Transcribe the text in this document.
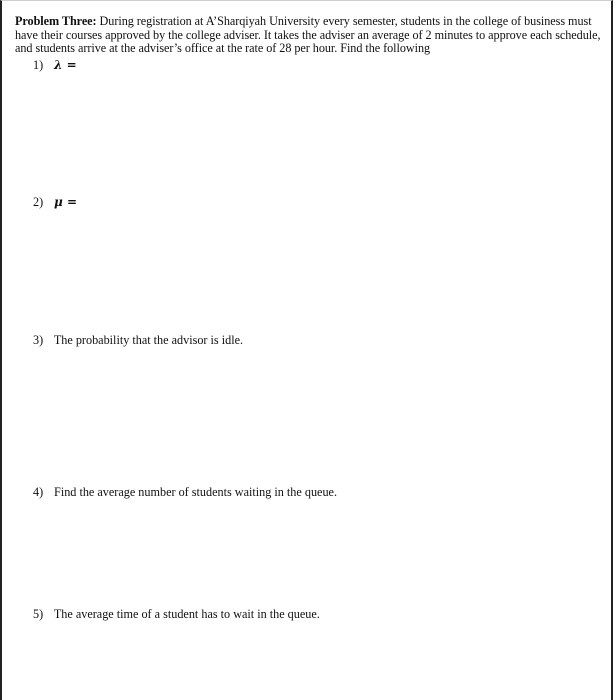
Problem Three: During registration at A’Sharqiyah University every semester, students in the college of business must have their courses approved by the college adviser. It takes the adviser an average of 2 minutes to approve each schedule, and students arrive at the adviser’s office at the rate of 28 per hour. Find the following

1) λ =
2) μ =
3) The probability that the advisor is idle.
4) Find the average number of students waiting in the queue.
5) The average time of a student has to wait in the queue.
